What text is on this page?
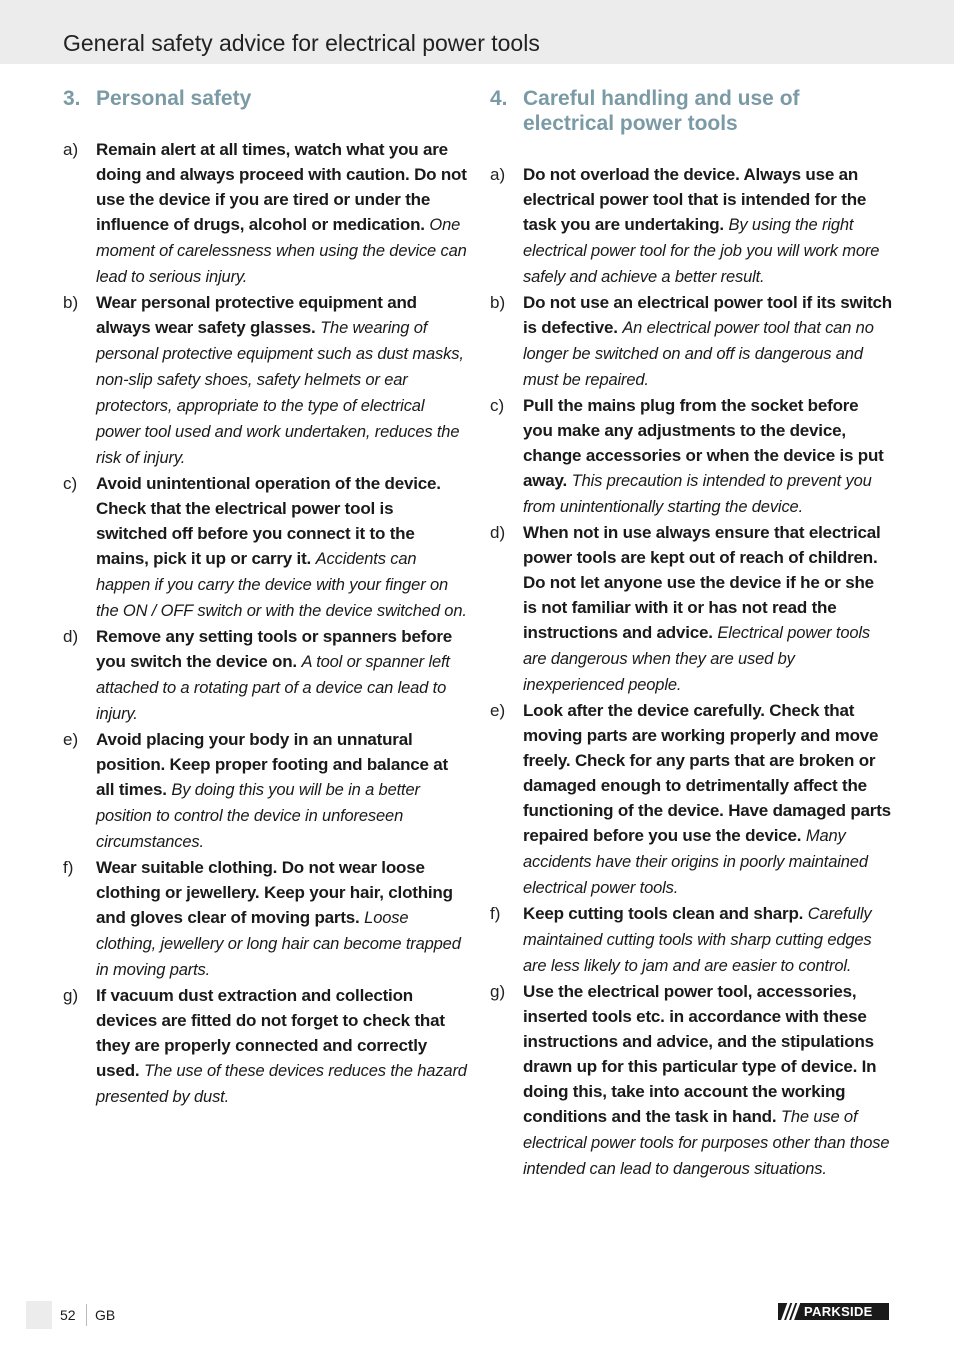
General safety advice for electrical power tools
3. Personal safety
a) Remain alert at all times, watch what you are doing and always proceed with caution. Do not use the device if you are tired or under the influence of drugs, alcohol or medication. One moment of carelessness when using the device can lead to serious injury.

b) Wear personal protective equipment and always wear safety glasses. The wearing of personal protective equipment such as dust masks, non-slip safety shoes, safety helmets or ear protectors, appropriate to the type of electrical power tool used and work undertaken, reduces the risk of injury.

c) Avoid unintentional operation of the device. Check that the electrical power tool is switched off before you connect it to the mains, pick it up or carry it. Accidents can happen if you carry the device with your finger on the ON / OFF switch or with the device switched on.

d) Remove any setting tools or spanners before you switch the device on. A tool or spanner left attached to a rotating part of a device can lead to injury.

e) Avoid placing your body in an unnatural position. Keep proper footing and balance at all times. By doing this you will be in a better position to control the device in unforeseen circumstances.

f) Wear suitable clothing. Do not wear loose clothing or jewellery. Keep your hair, clothing and gloves clear of moving parts. Loose clothing, jewellery or long hair can become trapped in moving parts.

g) If vacuum dust extraction and collection devices are fitted do not forget to check that they are properly connected and correctly used. The use of these devices reduces the hazard presented by dust.

4. Careful handling and use of electrical power tools
a) Do not overload the device. Always use an electrical power tool that is intended for the task you are undertaking. By using the right electrical power tool for the job you will work more safely and achieve a better result.

b) Do not use an electrical power tool if its switch is defective. An electrical power tool that can no longer be switched on and off is dangerous and must be repaired.

c) Pull the mains plug from the socket before you make any adjustments to the device, change accessories or when the device is put away. This precaution is intended to prevent you from unintentionally starting the device.

d) When not in use always ensure that electrical power tools are kept out of reach of children. Do not let anyone use the device if he or she is not familiar with it or has not read the instructions and advice. Electrical power tools are dangerous when they are used by inexperienced people.

e) Look after the device carefully. Check that moving parts are working properly and move freely. Check for any parts that are broken or damaged enough to detrimentally affect the functioning of the device. Have damaged parts repaired before you use the device. Many accidents have their origins in poorly maintained electrical power tools.

f) Keep cutting tools clean and sharp. Carefully maintained cutting tools with sharp cutting edges are less likely to jam and are easier to control.

g) Use the electrical power tool, accessories, inserted tools etc. in accordance with these instructions and advice, and the stipulations drawn up for this particular type of device. In doing this, take into account the working conditions and the task in hand. The use of electrical power tools for purposes other than those intended can lead to dangerous situations.

52 GB	PARKSIDE
